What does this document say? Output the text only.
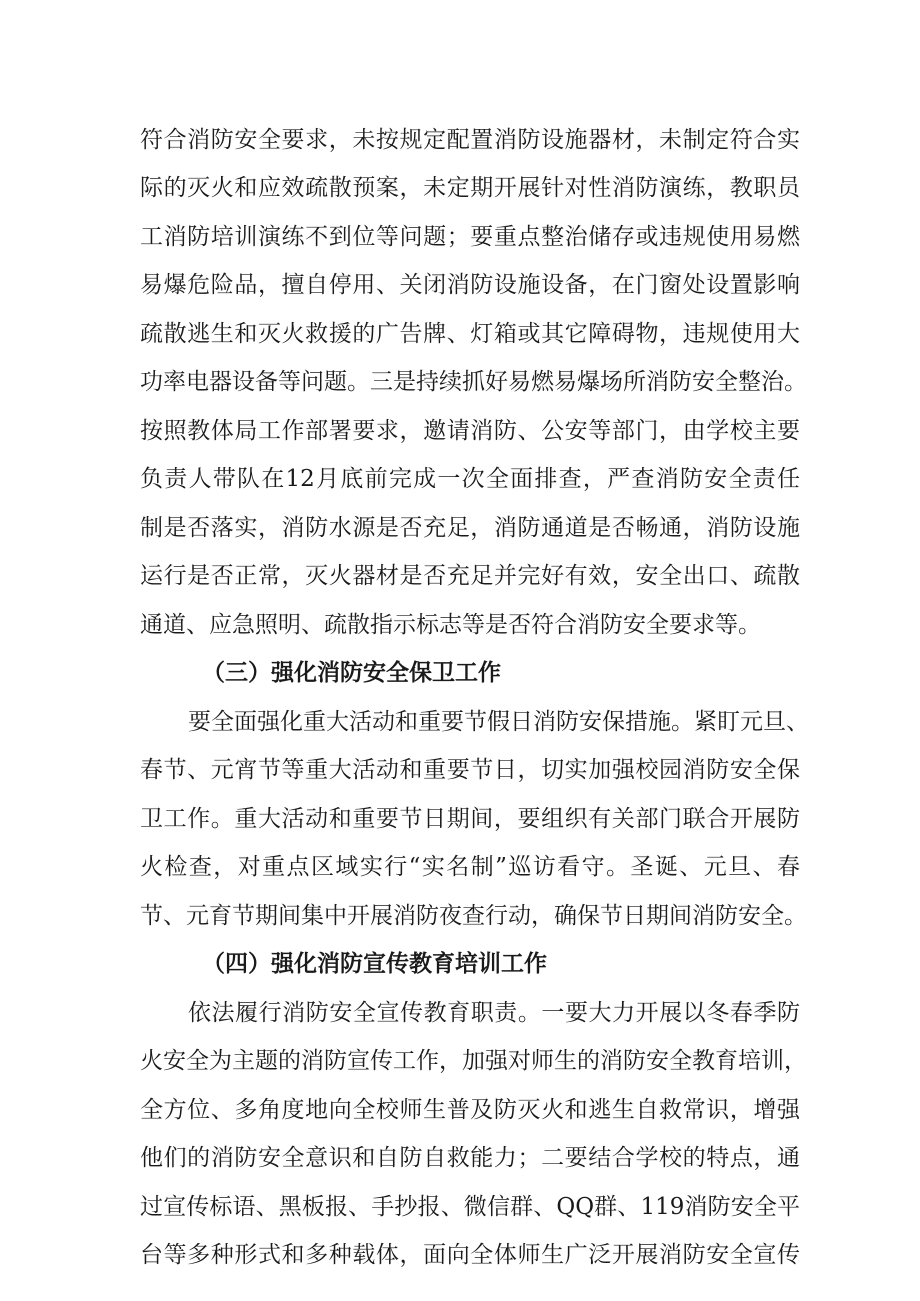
符合消防安全要求，未按规定配置消防设施器材，未制定符合实
际的灭火和应效疏散预案，未定期开展针对性消防演练，教职员
工消防培训演练不到位等问题；要重点整治储存或违规使用易燃
易爆危险品，擅自停用、关闭消防设施设备，在门窗处设置影响
疏散逃生和灭火救援的广告牌、灯箱或其它障碍物，违规使用大
功率电器设备等问题。三是持续抓好易燃易爆场所消防安全整治。
按照教体局工作部署要求，邀请消防、公安等部门，由学校主要
负责人带队在12月底前完成一次全面排查，严查消防安全责任
制是否落实，消防水源是否充足，消防通道是否畅通，消防设施
运行是否正常，灭火器材是否充足并完好有效，安全出口、疏散
通道、应急照明、疏散指示标志等是否符合消防安全要求等。
（三）强化消防安全保卫工作
要全面强化重大活动和重要节假日消防安保措施。紧盯元旦、
春节、元宵节等重大活动和重要节日，切实加强校园消防安全保
卫工作。重大活动和重要节日期间，要组织有关部门联合开展防
火检查，对重点区域实行“实名制”巡访看守。圣诞、元旦、春
节、元育节期间集中开展消防夜查行动，确保节日期间消防安全。
（四）强化消防宣传教育培训工作
依法履行消防安全宣传教育职责。一要大力开展以冬春季防
火安全为主题的消防宣传工作，加强对师生的消防安全教育培训，
全方位、多角度地向全校师生普及防灭火和逃生自救常识，增强
他们的消防安全意识和自防自救能力；二要结合学校的特点，通
过宣传标语、黑板报、手抄报、微信群、QQ群、119消防安全平
台等多种形式和多种载体，面向全体师生广泛开展消防安全宣传
